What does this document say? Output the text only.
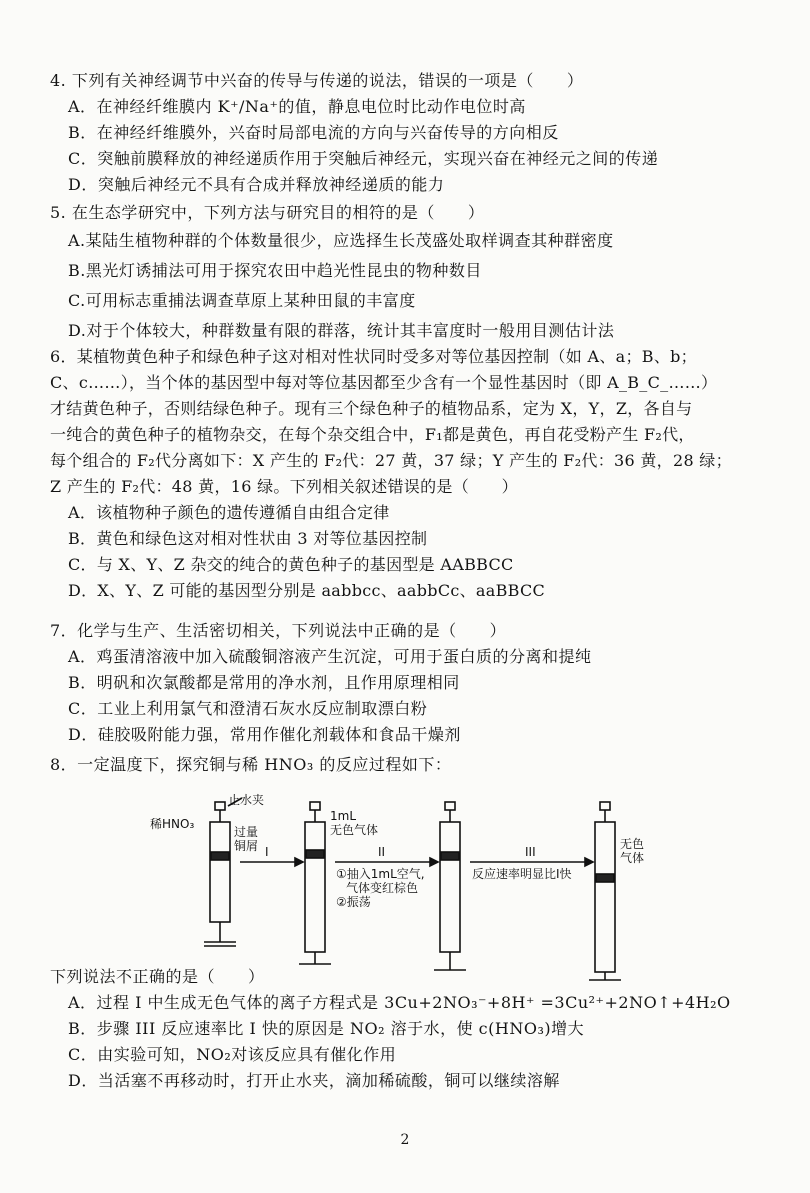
4. 下列有关神经调节中兴奋的传导与传递的说法，错误的一项是（　　）
A．在神经纤维膜内 K⁺/Na⁺的值，静息电位时比动作电位时高
B．在神经纤维膜外，兴奋时局部电流的方向与兴奋传导的方向相反
C．突触前膜释放的神经递质作用于突触后神经元，实现兴奋在神经元之间的传递
D．突触后神经元不具有合成并释放神经递质的能力
5. 在生态学研究中，下列方法与研究目的相符的是（　　）
A.某陆生植物种群的个体数量很少，应选择生长茂盛处取样调查其种群密度
B.黑光灯诱捕法可用于探究农田中趋光性昆虫的物种数目
C.可用标志重捕法调查草原上某种田鼠的丰富度
D.对于个体较大，种群数量有限的群落，统计其丰富度时一般用目测估计法
6．某植物黄色种子和绿色种子这对相对性状同时受多对等位基因控制（如 A、a；B、b；
C、c……），当个体的基因型中每对等位基因都至少含有一个显性基因时（即 A_B_C_……）
才结黄色种子，否则结绿色种子。现有三个绿色种子的植物品系，定为 X，Y，Z，各自与
一纯合的黄色种子的植物杂交，在每个杂交组合中，F₁都是黄色，再自花受粉产生 F₂代，
每个组合的 F₂代分离如下：X 产生的 F₂代：27 黄，37 绿；Y 产生的 F₂代：36 黄，28 绿；
Z 产生的 F₂代：48 黄，16 绿。下列相关叙述错误的是（　　）
A．该植物种子颜色的遗传遵循自由组合定律
B．黄色和绿色这对相对性状由 3 对等位基因控制
C．与 X、Y、Z 杂交的纯合的黄色种子的基因型是 AABBCC
D．X、Y、Z 可能的基因型分别是 aabbcc、aabbCc、aaBBCC
7．化学与生产、生活密切相关，下列说法中正确的是（　　）
A．鸡蛋清溶液中加入硫酸铜溶液产生沉淀，可用于蛋白质的分离和提纯
B．明矾和次氯酸都是常用的净水剂，且作用原理相同
C．工业上利用氯气和澄清石灰水反应制取漂白粉
D．硅胶吸附能力强，常用作催化剂载体和食品干燥剂
8．一定温度下，探究铜与稀 HNO₃ 的反应过程如下：
止水夹
稀HNO₃
过量
铜屑 I
1mL
无色气体
II
①抽入1mL空气,
气体变红棕色
②振荡
III
反应速率明显比I快
无色
气体
下列说法不正确的是（　　）
A．过程 I 中生成无色气体的离子方程式是 3Cu+2NO₃⁻+8H⁺ =3Cu²⁺+2NO↑+4H₂O
B．步骤 III 反应速率比 I 快的原因是 NO₂ 溶于水，使 c(HNO₃)增大
C．由实验可知，NO₂对该反应具有催化作用
D．当活塞不再移动时，打开止水夹，滴加稀硫酸，铜可以继续溶解
2
